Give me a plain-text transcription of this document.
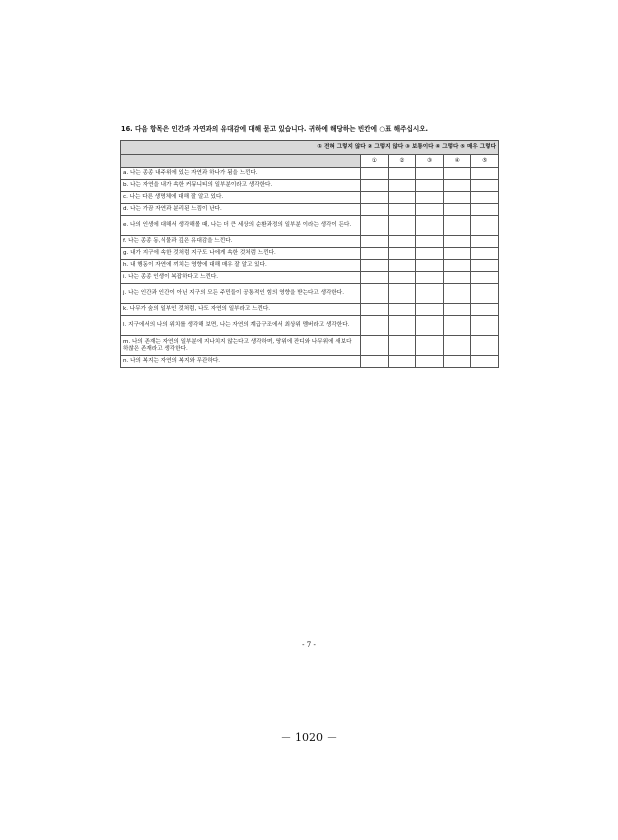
16. 다음 항목은 인간과 자연과의 유대감에 대해 묻고 있습니다. 귀하에 해당하는 빈칸에 ○표 해주십시오.
① 전혀 그렇지 않다 ② 그렇지 않다 ③ 보통이다 ④ 그렇다 ⑤ 매우 그렇다					
	①	②	③	④	⑤
a. 나는 종종 내주위에 있는 자연과 하나가 됨을 느낀다.					
b. 나는 자연을 내가 속한 커뮤니티의 일부분이라고 생각한다.					
c. 나는 다른 생명체에 대해 잘 알고 있다.					
d. 나는 가끔 자연과 분리된 느낌이 난다.					
e. 나의 인생에 대해서 생각해볼 때, 나는 더 큰 세상의 순환과정의 일부분 이라는 생각이 든다.					
f. 나는 종종 동,식물과 깊은 유대감을 느낀다.					
g. 내가 지구에 속한 것처럼 지구도 나에게 속한 것처럼 느낀다.					
h. 내 행동이 자연에 끼치는 영향에 대해 매우 잘 알고 있다.					
i. 나는 종종 인생이 복잡하다고 느낀다.					
j. 나는 인간과 인간이 아닌 지구의 모든 주민들이 공통적인 힘의 영향을 받는다고 생각한다.					
k. 나무가 숲의 일부인 것처럼, 나도 자연의 일부라고 느낀다.					
l. 지구에서의 나의 위치를 생각해 보면, 나는 자연의 계급구조에서 최상위 멤버라고 생각한다.					
m. 나의 존재는 자연의 일부분에 지나치지 않는다고 생각하며, 땅위에 잔디와 나무위에 새보다 하찮은 존재라고 생각한다.					
n. 나의 복지는 자연의 복지와 무관하다.					
- 7 -
－ 1020 －
